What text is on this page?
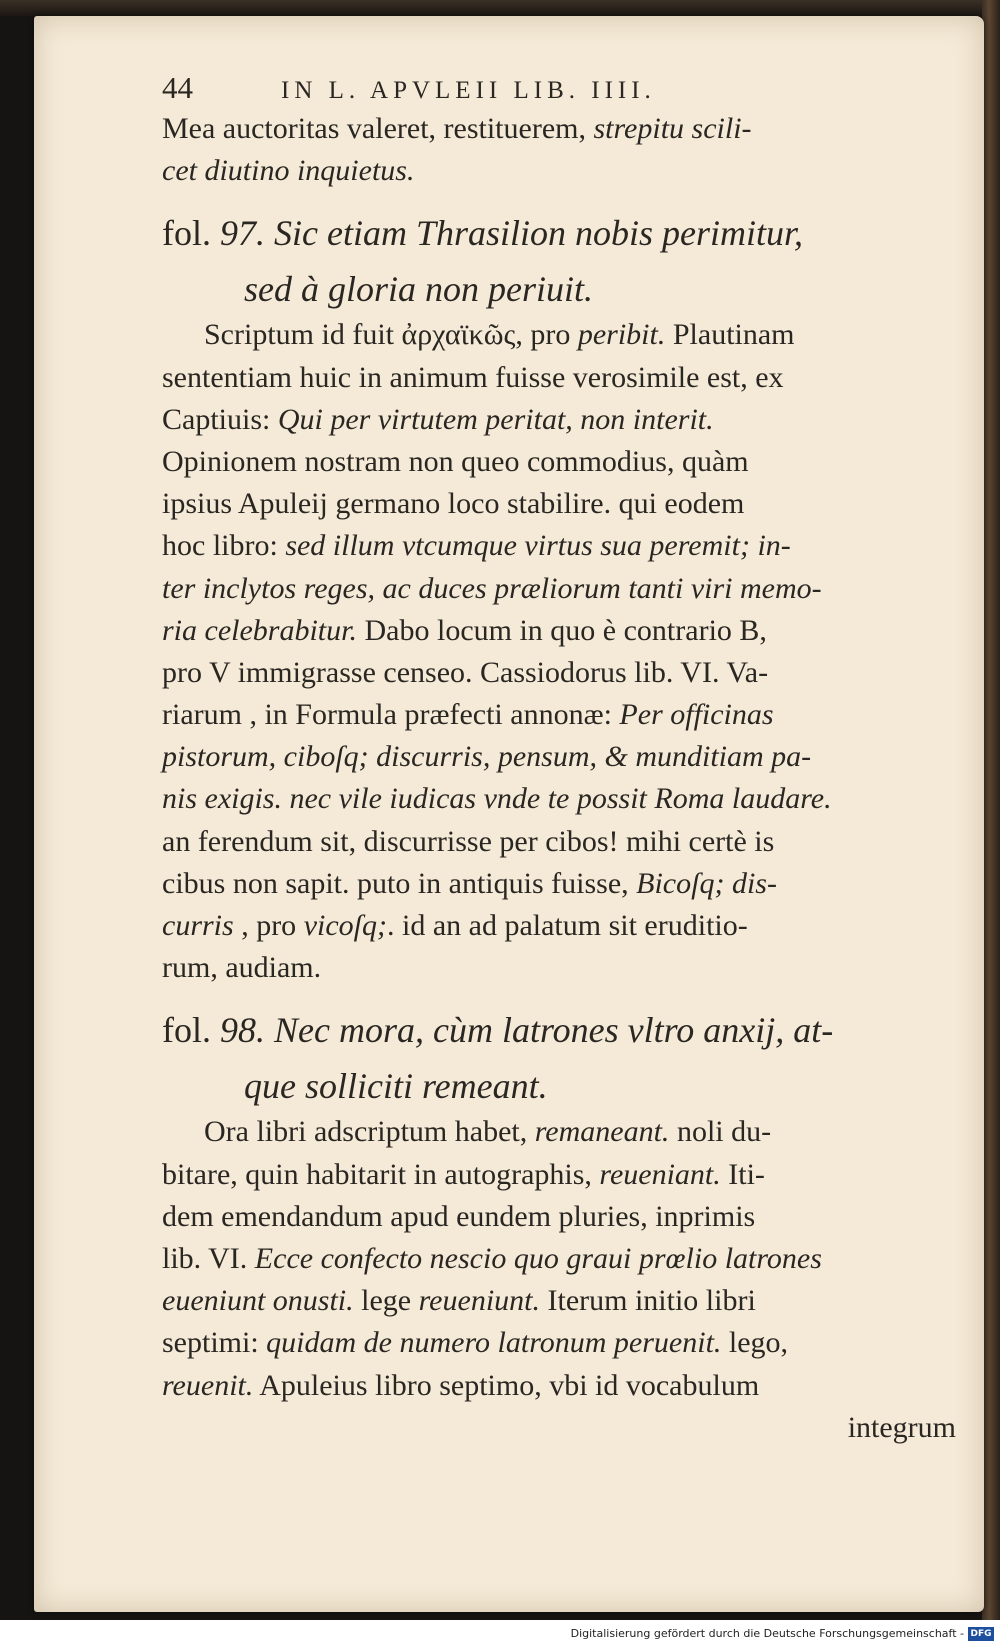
44	IN L. APVLEII LIB. IIII.
Mea auctoritas valeret, restituerem, strepitu scili-
cet diutino inquietus.
fol. 97. Sic etiam Thrasilion nobis perimitur,
sed à gloria non periuit.
Scriptum id fuit ἀρχαϊκῶς, pro peribit. Plautinam
sententiam huic in animum fuisse verosimile est, ex
Captiuis: Qui per virtutem peritat, non interit.
Opinionem nostram non queo commodius, quàm
ipsius Apuleij germano loco stabilire. qui eodem
hoc libro: sed illum vtcumque virtus sua peremit; in-
ter inclytos reges, ac duces præliorum tanti viri memo-
ria celebrabitur. Dabo locum in quo è contrario B,
pro V immigrasse censeo. Cassiodorus lib. VI. Va-
riarum , in Formula præfecti annonæ: Per officinas
pistorum, ciboſq; discurris, pensum, & munditiam pa-
nis exigis. nec vile iudicas vnde te possit Roma laudare.
an ferendum sit, discurrisse per cibos! mihi certè is
cibus non sapit. puto in antiquis fuisse, Bicoſq; dis-
curris , pro vicoſq;. id an ad palatum sit eruditio-
rum, audiam.
fol. 98. Nec mora, cùm latrones vltro anxij, at-
que solliciti remeant.
Ora libri adscriptum habet, remaneant. noli du-
bitare, quin habitarit in autographis, reueniant. Iti-
dem emendandum apud eundem pluries, inprimis
lib. VI. Ecce confecto nescio quo graui prœlio latrones
eueniunt onusti. lege reueniunt. Iterum initio libri
septimi: quidam de numero latronum peruenit. lego,
reuenit. Apuleius libro septimo, vbi id vocabulum
integrum
Digitalisierung gefördert durch die Deutsche Forschungsgemeinschaft - DFG
